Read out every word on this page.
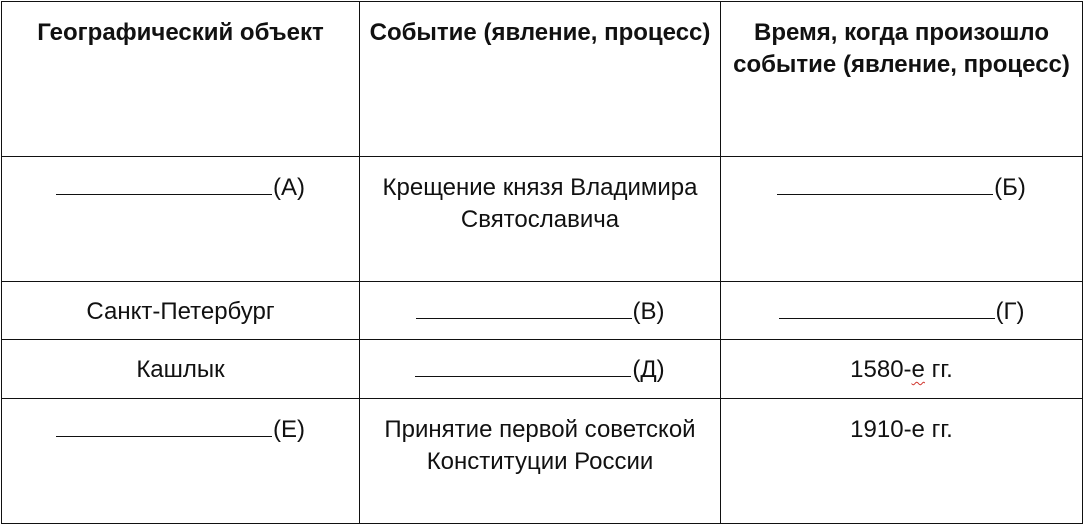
Географический объект	Событие (явление, процесс)	Время, когда произошло событие (явление, процесс)

(А)	Крещение князя Владимира Святославича	(Б)
Санкт-Петербург	(В)	(Г)
Кашлык	(Д)	1580-е гг.
(Е)	Принятие первой советской Конституции России	1910-е гг.
